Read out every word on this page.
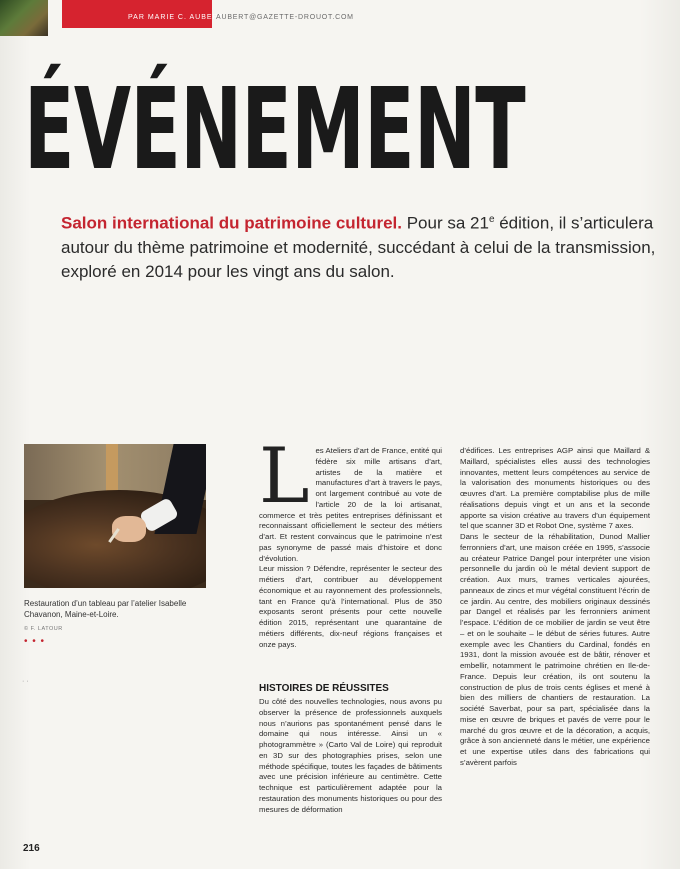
PAR MARIE C. AUBERT
AUBERT@GAZETTE-DROUOT.COM
ÉVÉNEMENT

Salon international du patrimoine culturel. Pour sa 21e édition, il s’articulera autour du thème patrimoine et modernité, succédant à celui de la transmission, exploré en 2014 pour les vingt ans du salon.

Restauration d’un tableau par l’atelier Isabelle Chavanon, Maine-et-Loire.

© F. LATOUR
• • •
· ·
L es Ateliers d’art de France, entité qui fédère six mille artisans d’art, artistes de la matière et manufactures d’art à travers le pays, ont largement contribué au vote de l’article 20 de la loi artisanat, commerce et très petites entreprises définissant et reconnaissant officiellement le secteur des métiers d’art. Et restent convaincus que le patrimoine n’est pas synonyme de passé mais d’histoire et donc d’évolution.

Leur mission ? Défendre, représenter le secteur des métiers d’art, contribuer au développement économique et au rayonnement des professionnels, tant en France qu’à l’international. Plus de 350 exposants seront présents pour cette nouvelle édition 2015, représentant une quarantaine de métiers différents, dix-neuf régions françaises et onze pays.

HISTOIRES DE RÉUSSITES

Du côté des nouvelles technologies, nous avons pu observer la présence de professionnels auxquels nous n’aurions pas spontanément pensé dans le domaine qui nous intéresse. Ainsi un « photogrammètre » (Carto Val de Loire) qui reproduit en 3D sur des photographies prises, selon une méthode spécifique, toutes les façades de bâtiments avec une précision inférieure au centimètre. Cette technique est particulièrement adaptée pour la restauration des monuments historiques ou pour des mesures de déformation

d’édifices. Les entreprises AGP ainsi que Maillard & Maillard, spécialistes elles aussi des technologies innovantes, mettent leurs compétences au service de la valorisation des monuments historiques ou des œuvres d’art. La première comptabilise plus de mille réalisations depuis vingt et un ans et la seconde apporte sa vision créative au travers d’un équipement tel que scanner 3D et Robot One, système 7 axes.

Dans le secteur de la réhabilitation, Dunod Mallier ferronniers d’art, une maison créée en 1995, s’associe au créateur Patrice Dangel pour interpréter une vision personnelle du jardin où le métal devient support de création. Aux murs, trames verticales ajourées, panneaux de zincs et mur végétal constituent l’écrin de ce jardin. Au centre, des mobiliers originaux dessinés par Dangel et réalisés par les ferronniers animent l’espace. L’édition de ce mobilier de jardin se veut être – et on le souhaite – le début de séries futures. Autre exemple avec les Chantiers du Cardinal, fondés en 1931, dont la mission avouée est de bâtir, rénover et embellir, notamment le patrimoine chrétien en Ile-de-France. Depuis leur création, ils ont soutenu la construction de plus de trois cents églises et mené à bien des milliers de chantiers de restauration. La société Saverbat, pour sa part, spécialisée dans la mise en œuvre de briques et pavés de verre pour le marché du gros œuvre et de la décoration, a acquis, grâce à son ancienneté dans le métier, une expérience et une expertise utiles dans des fabrications qui s’avèrent parfois

216
